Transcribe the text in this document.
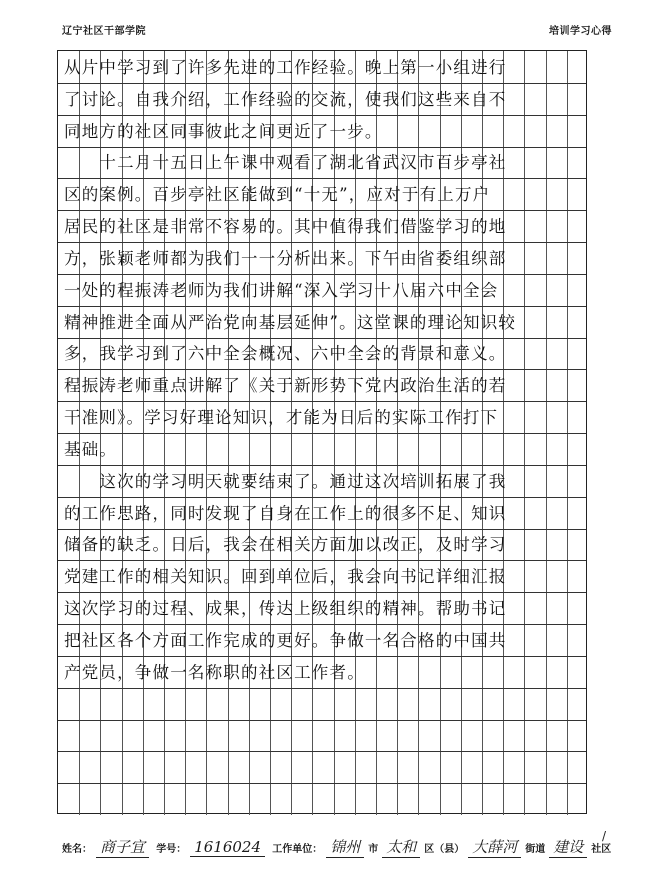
辽宁社区干部学院	培训学习心得
从片中学习到了许多先进的工作经验。晚上第一小组进行
了讨论。自我介绍，工作经验的交流，使我们这些来自不
同地方的社区同事彼此之间更近了一步。
　　十二月十五日上午课中观看了湖北省武汉市百步亭社
区的案例。百步亭社区能做到“十无”，应对于有上万户
居民的社区是非常不容易的。其中值得我们借鉴学习的地
方，张颖老师都为我们一一分析出来。下午由省委组织部
一处的程振涛老师为我们讲解“深入学习十八届六中全会
精神推进全面从严治党向基层延伸”。这堂课的理论知识较
多，我学习到了六中全会概况、六中全会的背景和意义。
程振涛老师重点讲解了《关于新形势下党内政治生活的若
干准则》。学习好理论知识，才能为日后的实际工作打下
基础。
　　这次的学习明天就要结束了。通过这次培训拓展了我
的工作思路，同时发现了自身在工作上的很多不足、知识
储备的缺乏。日后，我会在相关方面加以改正，及时学习
党建工作的相关知识。回到单位后，我会向书记详细汇报
这次学习的过程、成果，传达上级组织的精神。帮助书记
把社区各个方面工作完成的更好。争做一名合格的中国共
产党员，争做一名称职的社区工作者。
姓名： 商子宜 学号： 1616024 工作单位： 锦州 市 太和 区（县） 大薛河 街道 建设 社区
/
